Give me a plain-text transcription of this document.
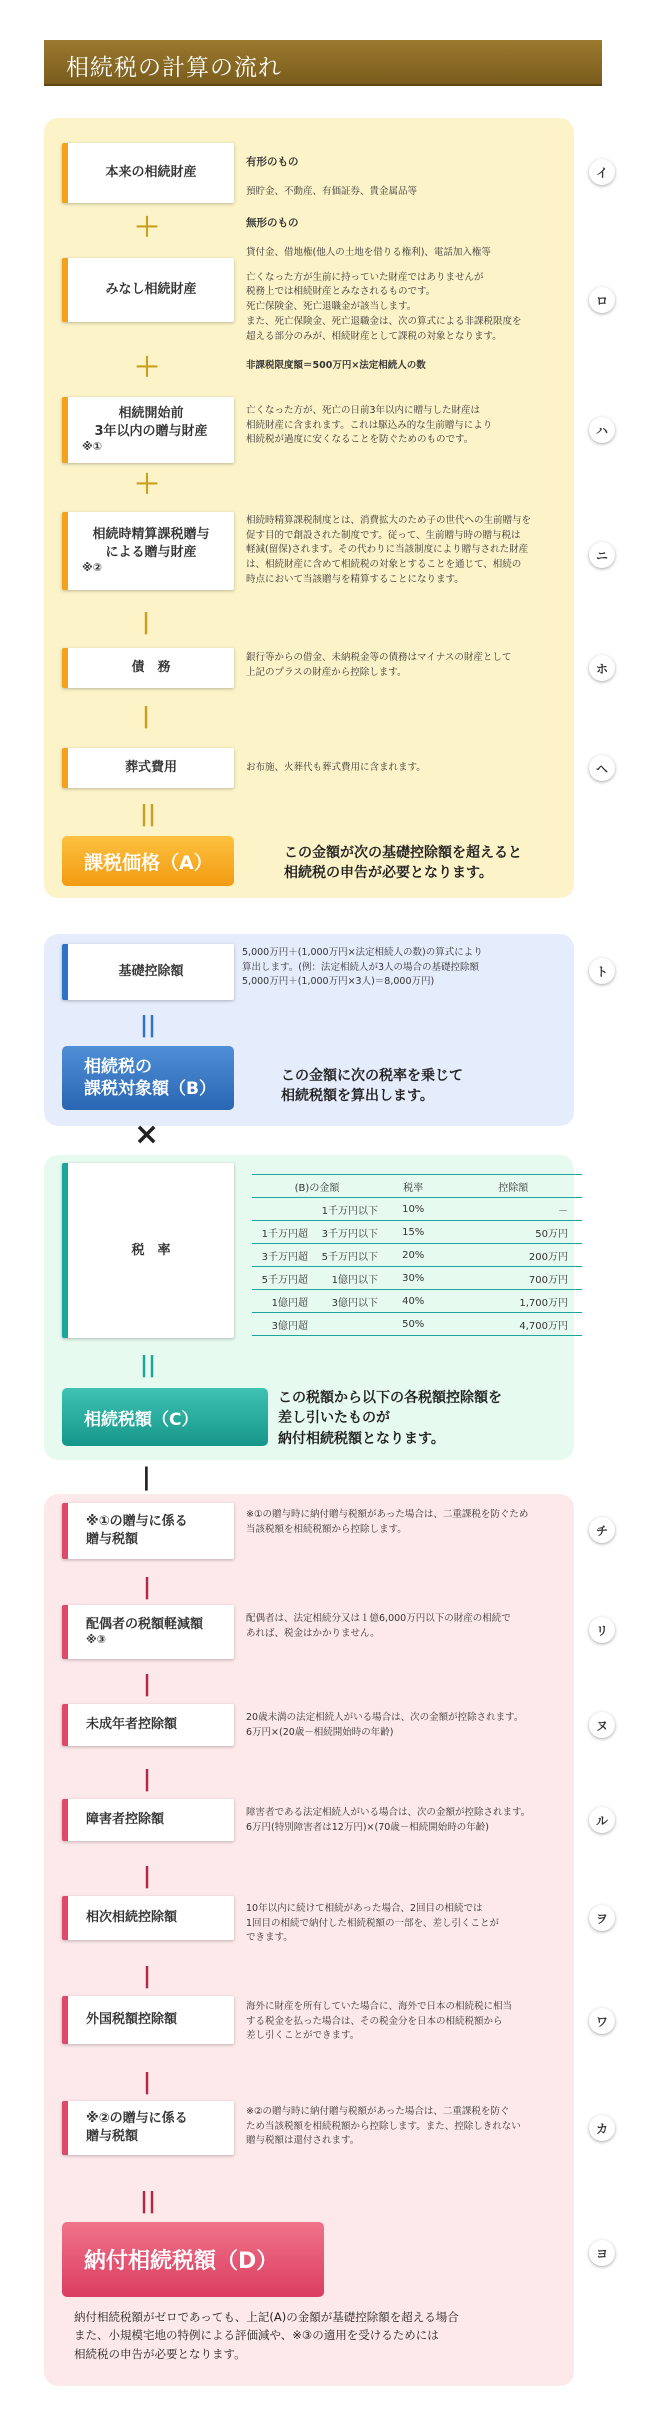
相続税の計算の流れ
本来の相続財産

有形のもの

預貯金、不動産、有価証券、貴金属品等

無形のもの

貸付金、借地権(他人の土地を借りる権利)、電話加入権等

イ
＋
みなし相続財産

亡くなった方が生前に持っていた財産ではありませんが
税務上では相続財産とみなされるものです。
死亡保険金、死亡退職金が該当します。
また、死亡保険金、死亡退職金は、次の算式による非課税限度を
超える部分のみが、相続財産として課税の対象となります。

非課税限度額＝500万円×法定相続人の数

ロ
＋
相続開始前
3年以内の贈与財産
※①
亡くなった方が、死亡の日前3年以内に贈与した財産は
相続財産に含まれます。これは駆込み的な生前贈与により
相続税が過度に安くなることを防ぐためのものです。
ハ
＋
相続時精算課税贈与
による贈与財産
※②
相続時精算課税制度とは、消費拡大のため子の世代への生前贈与を
促す目的で創設された制度です。従って、生前贈与時の贈与税は
軽減(留保)されます。その代わりに当該制度により贈与された財産
は、相続財産に含めて相続税の対象とすることを通じて、相続の
時点において当該贈与を精算することになります。
ニ
|
債　務
銀行等からの借金、未納税金等の債務はマイナスの財産として
上記のプラスの財産から控除します。	ホ
|
葬式費用	お布施、火葬代も葬式費用に含まれます。	ヘ
||
課税価格（A）	この金額が次の基礎控除額を超えると
相続税の申告が必要となります。
基礎控除額
5,000万円＋(1,000万円×法定相続人の数)の算式により
算出します。(例：法定相続人が3人の場合の基礎控除額
5,000万円＋(1,000万円×3人)＝8,000万円)
ト
||
相続税の
課税対象額（B）
この金額に次の税率を乗じて
相続税額を算出します。
×
税　率
(B)の金額		税率	控除額
	1千万円以下	10%	－
1千万円超	3千万円以下	15%	50万円
3千万円超	5千万円以下	20%	200万円
5千万円超	1億円以下	30%	700万円
1億円超	3億円以下	40%	1,700万円
3億円超		50%	4,700万円
||
相続税額（C）
この税額から以下の各税額控除額を
差し引いたものが
納付相続税額となります。
|
※①の贈与に係る
贈与税額
※①の贈与時に納付贈与税額があった場合は、二重課税を防ぐため
当該税額を相続税額から控除します。	チ
|
配偶者の税額軽減額
※③
配偶者は、法定相続分又は１億6,000万円以下の財産の相続で
あれば、税金はかかりません。	リ
|
未成年者控除額	20歳未満の法定相続人がいる場合は、次の金額が控除されます。
6万円×(20歳－相続開始時の年齢)	ヌ
|
障害者控除額	障害者である法定相続人がいる場合は、次の金額が控除されます。
6万円(特別障害者は12万円)×(70歳－相続開始時の年齢)	ル
|
相次相続控除額
10年以内に続けて相続があった場合、2回目の相続では
1回目の相続で納付した相続税額の一部を、差し引くことが
できます。
ヲ
|
外国税額控除額
海外に財産を所有していた場合に、海外で日本の相続税に相当
する税金を払った場合は、その税金分を日本の相続税額から
差し引くことができます。
ワ
|
※②の贈与に係る
贈与税額
※②の贈与時に納付贈与税額があった場合は、二重課税を防ぐ
ため当該税額を相続税額から控除します。また、控除しきれない
贈与税額は還付されます。
カ
||
納付相続税額（D）	ヨ
納付相続税額がゼロであっても、上記(A)の金額が基礎控除額を超える場合
また、小規模宅地の特例による評価減や、※③の適用を受けるためには
相続税の申告が必要となります。
